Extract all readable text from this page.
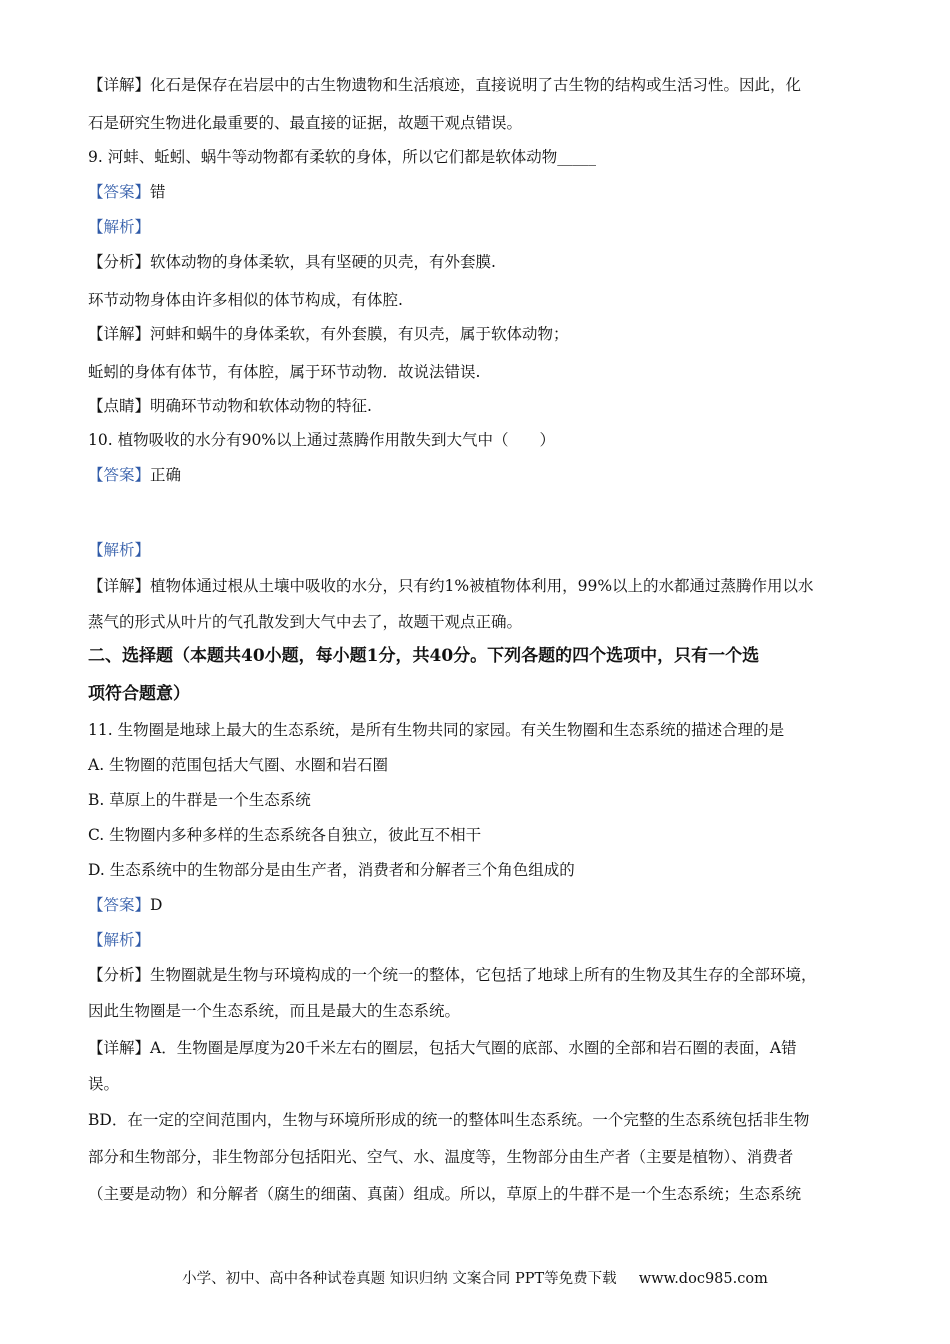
【详解】化石是保存在岩层中的古生物遗物和生活痕迹，直接说明了古生物的结构或生活习性。因此，化
石是研究生物进化最重要的、最直接的证据，故题干观点错误。
9. 河蚌、蚯蚓、蜗牛等动物都有柔软的身体，所以它们都是软体动物_____
【答案】错
【解析】
【分析】软体动物的身体柔软，具有坚硬的贝壳，有外套膜.
环节动物身体由许多相似的体节构成，有体腔.
【详解】河蚌和蜗牛的身体柔软，有外套膜，有贝壳，属于软体动物；
蚯蚓的身体有体节，有体腔，属于环节动物．故说法错误.
【点睛】明确环节动物和软体动物的特征.
10. 植物吸收的水分有90%以上通过蒸腾作用散失到大气中（　　）
【答案】正确
【解析】
【详解】植物体通过根从土壤中吸收的水分，只有约1%被植物体利用，99%以上的水都通过蒸腾作用以水
蒸气的形式从叶片的气孔散发到大气中去了，故题干观点正确。
二、选择题（本题共40小题，每小题1分，共40分。下列各题的四个选项中，只有一个选
项符合题意）
11. 生物圈是地球上最大的生态系统，是所有生物共同的家园。有关生物圈和生态系统的描述合理的是
A. 生物圈的范围包括大气圈、水圈和岩石圈
B. 草原上的牛群是一个生态系统
C. 生物圈内多种多样的生态系统各自独立，彼此互不相干
D. 生态系统中的生物部分是由生产者，消费者和分解者三个角色组成的
【答案】D
【解析】
【分析】生物圈就是生物与环境构成的一个统一的整体，它包括了地球上所有的生物及其生存的全部环境，
因此生物圈是一个生态系统，而且是最大的生态系统。
【详解】A．生物圈是厚度为20千米左右的圈层，包括大气圈的底部、水圈的全部和岩石圈的表面，A错
误。
BD．在一定的空间范围内，生物与环境所形成的统一的整体叫生态系统。一个完整的生态系统包括非生物
部分和生物部分，非生物部分包括阳光、空气、水、温度等，生物部分由生产者（主要是植物）、消费者
（主要是动物）和分解者（腐生的细菌、真菌）组成。所以，草原上的牛群不是一个生态系统；生态系统
小学、初中、高中各种试卷真题 知识归纳 文案合同 PPT等免费下载 www.doc985.com
